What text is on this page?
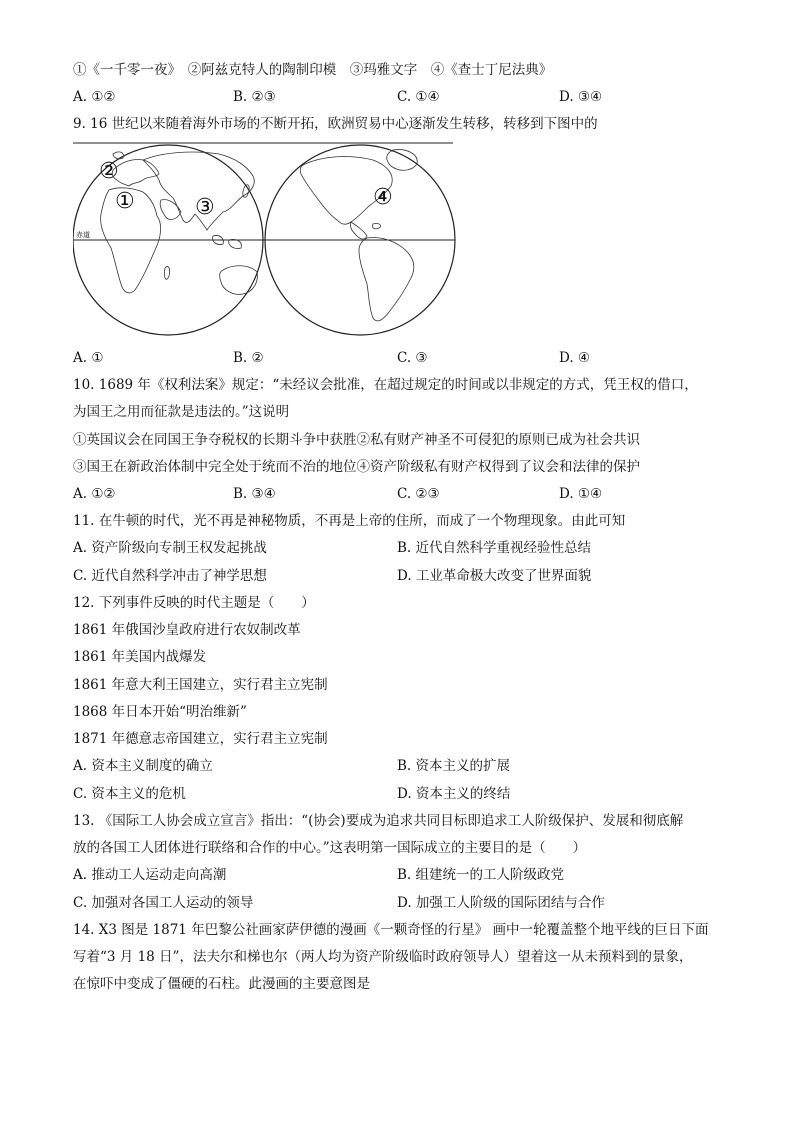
①《一千零一夜》　②阿兹克特人的陶制印模　③玛雅文字　④《查士丁尼法典》
A. ①②	B. ②③	C. ①④	D. ③④
9. 16 世纪以来随着海外市场的不断开拓，欧洲贸易中心逐渐发生转移，转移到下图中的
赤道
②
①	③	④
A. ①	B. ②	C. ③	D. ④
10. 1689 年《权利法案》规定：“未经议会批准，在超过规定的时间或以非规定的方式，凭王权的借口，
为国王之用而征款是违法的。”这说明
①英国议会在同国王争夺税权的长期斗争中获胜②私有财产神圣不可侵犯的原则已成为社会共识
③国王在新政治体制中完全处于统而不治的地位④资产阶级私有财产权得到了议会和法律的保护
A. ①②	B. ③④	C. ②③	D. ①④
11. 在牛顿的时代，光不再是神秘物质，不再是上帝的住所，而成了一个物理现象。由此可知
A. 资产阶级向专制王权发起挑战	B. 近代自然科学重视经验性总结
C. 近代自然科学冲击了神学思想	D. 工业革命极大改变了世界面貌
12. 下列事件反映的时代主题是（　　）
1861 年俄国沙皇政府进行农奴制改革
1861 年美国内战爆发
1861 年意大利王国建立，实行君主立宪制
1868 年日本开始“明治维新”
1871 年德意志帝国建立，实行君主立宪制
A. 资本主义制度的确立	B. 资本主义的扩展
C. 资本主义的危机	D. 资本主义的终结
13. 《国际工人协会成立宣言》指出：“(协会)要成为追求共同目标即追求工人阶级保护、发展和彻底解
放的各国工人团体进行联络和合作的中心。”这表明第一国际成立的主要目的是（　　）
A. 推动工人运动走向高潮	B. 组建统一的工人阶级政党
C. 加强对各国工人运动的领导	D. 加强工人阶级的国际团结与合作
14. X3 图是 1871 年巴黎公社画家萨伊德的漫画《一颗奇怪的行星》 画中一轮覆盖整个地平线的巨日下面
写着“3 月 18 日”，法夫尔和梯也尔（两人均为资产阶级临时政府领导人）望着这一从未预料到的景象，
在惊吓中变成了僵硬的石柱。此漫画的主要意图是
